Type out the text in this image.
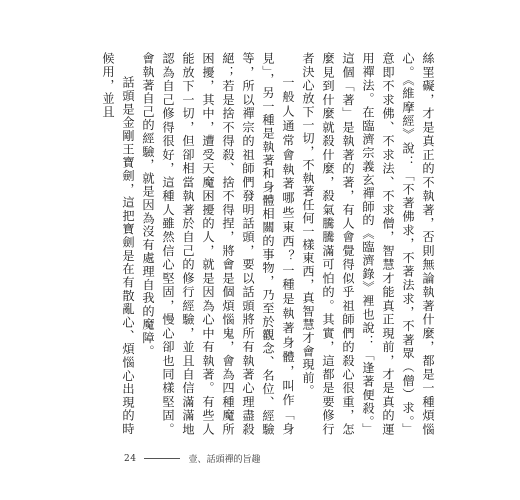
絲罣礙，才是真正的不執著，否則無論執著什麼，都是一種煩惱心。《維摩經》說：「不著佛求，不著法求，不著眾（僧）求。」意即不求佛、不求法、不求僧，智慧才能真正現前，才是真的運用禪法。在臨濟宗義玄禪師的《臨濟錄》裡也說：「逢著便殺。」這個「著」是執著的著，有人會覺得似乎祖師們的殺心很重，怎麼見到什麼就殺什麼，殺氣騰騰滿可怕的。其實，這都是要修行者決心放下一切，不執著任何一樣東西，真智慧才會現前。

一般人通常會執著哪些東西？一種是執著身體，叫作「身見」，另一種是執著和身體相關的事物，乃至於觀念、名位、經驗等，所以禪宗的祖師們發明話頭，要以話頭將所有執著心理盡殺絕；若是捨不得殺、捨不得捏，將會是個煩惱鬼，會為四種魔所困擾，其中，遭受天魔困擾的人，就是因為心中有執著。有些人能放下一切，但卻相當執著於自己的修行經驗，並且自信滿滿地認為自己修得很好，這種人雖然信心堅固，慢心卻也同樣堅固。會執著自己的經驗，就是因為沒有處理自我的魔障。

話頭是金剛王寶劍，這把寶劍是在有散亂心、煩惱心出現的時候用，並且

24	壹、話頭禪的旨趣
